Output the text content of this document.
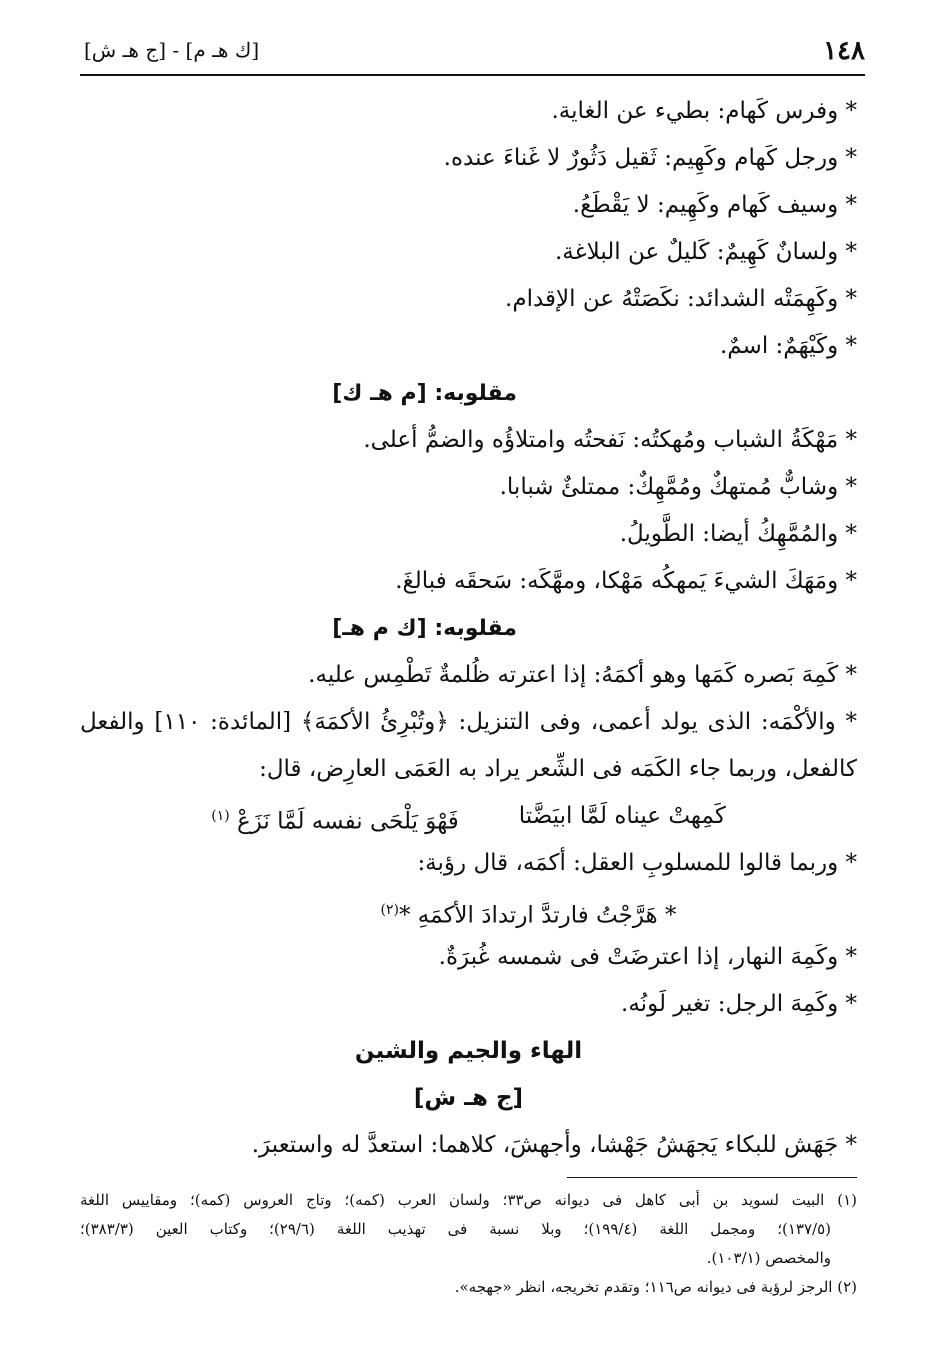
١٤٨
[ك هـ م] - [ج هـ ش]
* وفرس كَهام: بطيء عن الغاية.
* ورجل كَهام وكَهِيم: ثَقيل دَثُورٌ لا غَناءَ عنده.
* وسيف كَهام وكَهِيم: لا يَقْطَعُ.
* ولسانٌ كَهِيمٌ: كَليلٌ عن البلاغة.
* وكَهِمَتْه الشدائد: نكَصَتْهُ عن الإقدام.
* وكَيْهَمٌ: اسمٌ.
مقلوبه: [م هـ ك]
* مَهْكَةُ الشباب ومُهكتُه: نَفحتُه وامتلاؤُه والضمُّ أعلى.
* وشابٌّ مُمتهكٌ ومُمَّهِكٌ: ممتلئٌ شبابا.
* والمُمَّهِكُ أيضا: الطَّويلُ.
* ومَهَكَ الشيءَ يَمهكُه مَهْكا، ومهَّكَه: سَحقَه فبالغَ.
مقلوبه: [ك م هـ]
* كَمِهَ بَصره كَمَها وهو أكمَهُ: إذا اعترته ظُلمةٌ تَطْمِس عليه.
* والأكْمَه: الذى يولد أعمى، وفى التنزيل: ﴿وتُبْرِئُ الأكمَهَ﴾ [المائدة: ١١٠] والفعل
كالفعل، وربما جاء الكَمَه فى الشِّعر يراد به العَمَى العارِض، قال:
كَمِهتْ عيناه لَمَّا ابيَضَّتا
فَهْوَ يَلْحَى نفسه لَمَّا نَزَعْ $^{(١)}$
* وربما قالوا للمسلوبِ العقل: أكمَه، قال رؤبة:
* هَرَّجْتُ فارتدَّ ارتدادَ الأكمَهِ *$^{(٢)}$
* وكَمِهَ النهار، إذا اعترضَتْ فى شمسه غُبرَةٌ.
* وكَمِهَ الرجل: تغير لَونُه.
الهاء والجيم والشين
[ج هـ ش]
* جَهَش للبكاء يَجهَشُ جَهْشا، وأجهشَ، كلاهما: استعدَّ له واستعبرَ.
(١) البيت لسويد بن أبى كاهل فى ديوانه ص٣٣؛ ولسان العرب (كمه)؛ وتاج العروس (كمه)؛ ومقاييس اللغة
(١٣٧/٥)؛ ومجمل اللغة (١٩٩/٤)؛ وبلا نسبة فى تهذيب اللغة (٢٩/٦)؛ وكتاب العين (٣٨٣/٣)؛
والمخصص (١٠٣/١).
(٢) الرجز لرؤبة فى ديوانه ص١١٦؛ وتقدم تخريجه، انظر «جهجه».
